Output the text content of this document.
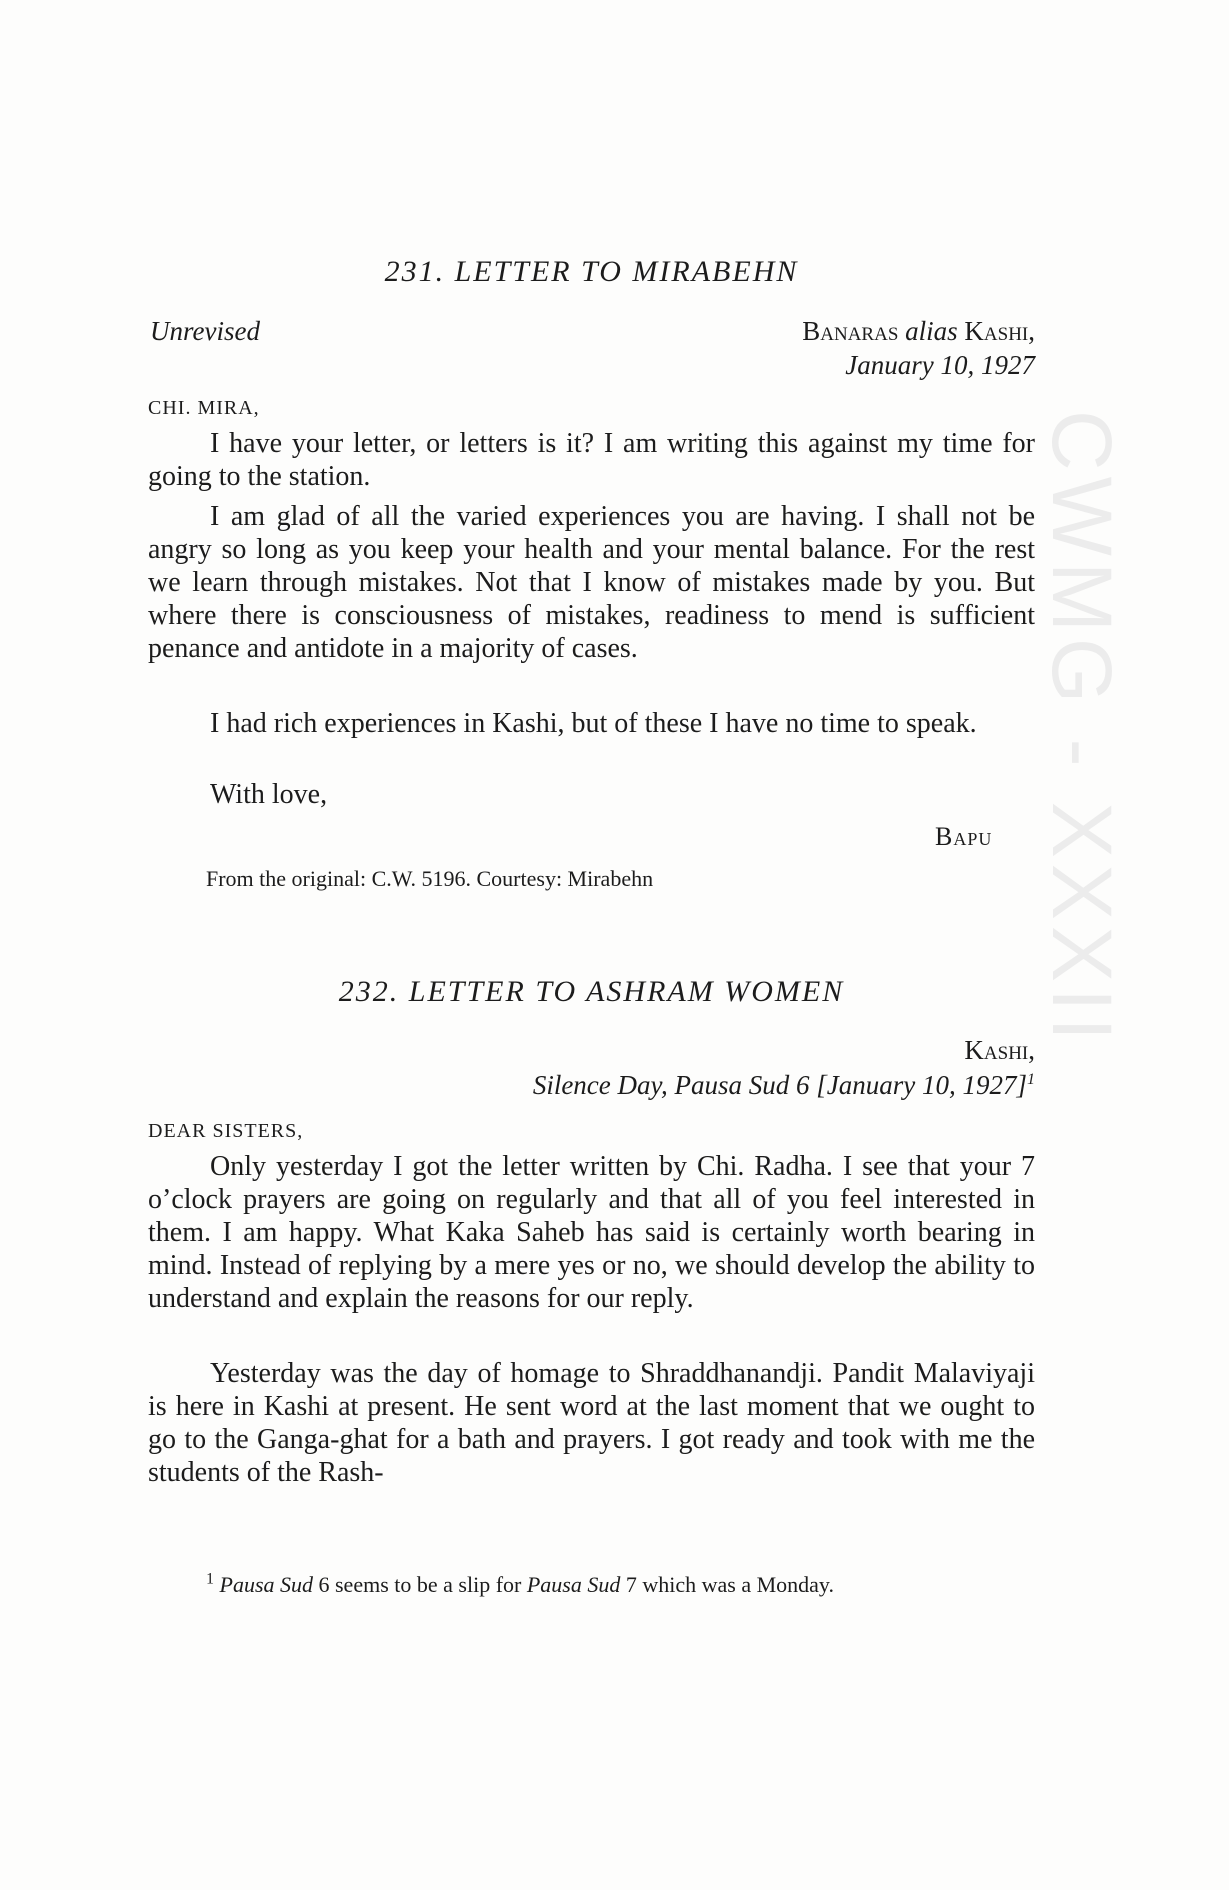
CWMG - XXXII
231. LETTER TO MIRABEHN
Unrevised	Banaras alias Kashi,
January 10, 1927
CHI. MIRA,
I have your letter, or letters is it? I am writing this against my time for going to the station.
I am glad of all the varied experiences you are having. I shall not be angry so long as you keep your health and your mental balance. For the rest we learn through mistakes. Not that I know of mistakes made by you. But where there is consciousness of mistakes, readiness to mend is sufficient penance and antidote in a majority of cases.
I had rich experiences in Kashi, but of these I have no time to speak.
With love,
Bapu
From the original: C.W. 5196. Courtesy: Mirabehn
232. LETTER TO ASHRAM WOMEN
Kashi,
Silence Day, Pausa Sud 6 [January 10, 1927]$^1$
DEAR SISTERS,
Only yesterday I got the letter written by Chi. Radha. I see that your 7 o’clock prayers are going on regularly and that all of you feel interested in them. I am happy. What Kaka Saheb has said is certainly worth bearing in mind. Instead of replying by a mere yes or no, we should develop the ability to understand and explain the reasons for our reply.
Yesterday was the day of homage to Shraddhanandji. Pandit Malaviyaji is here in Kashi at present. He sent word at the last moment that we ought to go to the Ganga-ghat for a bath and prayers. I got ready and took with me the students of the Rash-
$^1$ Pausa Sud 6 seems to be a slip for Pausa Sud 7 which was a Monday.
